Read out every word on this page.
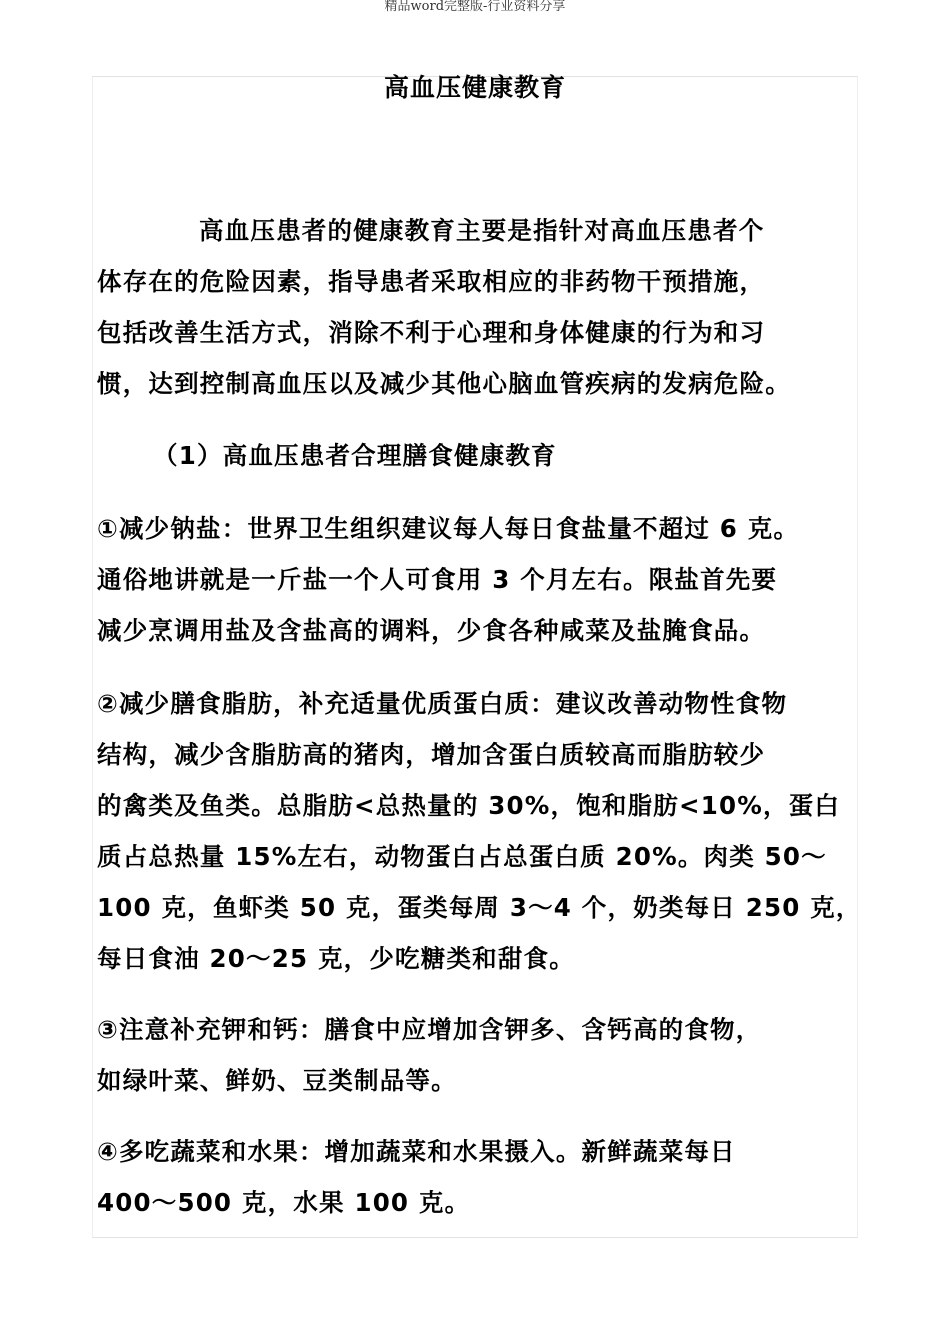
精品word完整版-行业资料分享
高血压健康教育
高血压患者的健康教育主要是指针对高血压患者个
体存在的危险因素，指导患者采取相应的非药物干预措施，
包括改善生活方式，消除不利于心理和身体健康的行为和习
惯，达到控制高血压以及减少其他心脑血管疾病的发病危险。
（1）高血压患者合理膳食健康教育
①减少钠盐：世界卫生组织建议每人每日食盐量不超过 6 克。
通俗地讲就是一斤盐一个人可食用 3 个月左右。限盐首先要
减少烹调用盐及含盐高的调料，少食各种咸菜及盐腌食品。
②减少膳食脂肪，补充适量优质蛋白质：建议改善动物性食物
结构，减少含脂肪高的猪肉，增加含蛋白质较高而脂肪较少
的禽类及鱼类。总脂肪<总热量的 30%，饱和脂肪<10%，蛋白
质占总热量 15%左右，动物蛋白占总蛋白质 20%。肉类 50～
100 克，鱼虾类 50 克，蛋类每周 3～4 个，奶类每日 250 克，
每日食油 20～25 克，少吃糖类和甜食。
③注意补充钾和钙：膳食中应增加含钾多、含钙高的食物，
如绿叶菜、鲜奶、豆类制品等。
④多吃蔬菜和水果：增加蔬菜和水果摄入。新鲜蔬菜每日
400～500 克，水果 100 克。
